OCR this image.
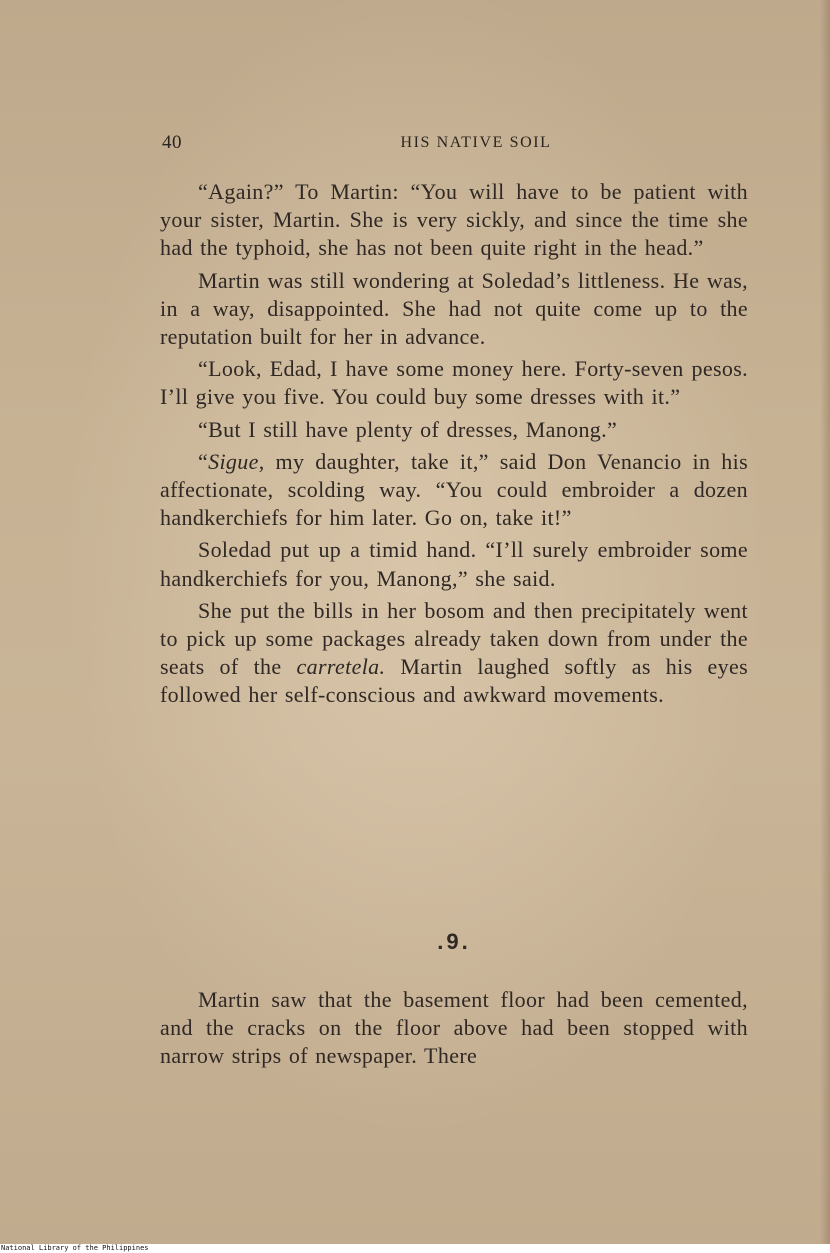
40	HIS NATIVE SOIL

“Again?” To Martin: “You will have to be patient with your sister, Martin. She is very sickly, and since the time she had the typhoid, she has not been quite right in the head.”

Martin was still wondering at Soledad’s littleness. He was, in a way, disappointed. She had not quite come up to the reputation built for her in advance.

“Look, Edad, I have some money here. Forty-seven pesos. I’ll give you five. You could buy some dresses with it.”

“But I still have plenty of dresses, Manong.”

“Sigue, my daughter, take it,” said Don Venancio in his affectionate, scolding way. “You could embroider a dozen handkerchiefs for him later. Go on, take it!”

Soledad put up a timid hand. “I’ll surely embroider some handkerchiefs for you, Manong,” she said.

She put the bills in her bosom and then precipitately went to pick up some packages already taken down from under the seats of the carretela. Martin laughed softly as his eyes followed her self-conscious and awkward movements.

.9.

Martin saw that the basement floor had been cemented, and the cracks on the floor above had been stopped with narrow strips of newspaper. There

National Library of the Philippines
